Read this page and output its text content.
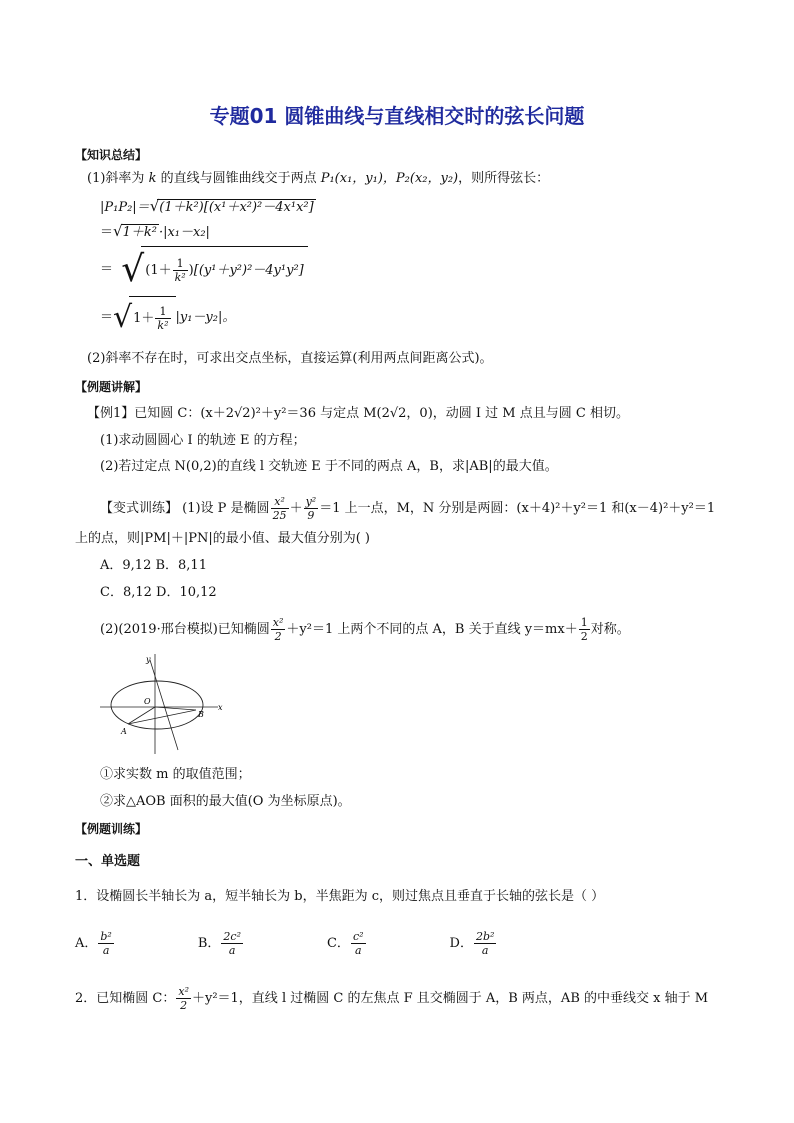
专题01 圆锥曲线与直线相交时的弦长问题
【知识总结】
(1)斜率为 k 的直线与圆锥曲线交于两点 P₁(x₁，y₁)，P₂(x₂，y₂)，则所得弦长：
|P₁P₂|＝√(1＋k²)[(x¹＋x²)²－4x¹x²]
＝√1＋k² ·|x₁－x₂|
＝ $√(1+ \frac{1}{\text{k²}} )[(y^1+y^2)^2-4y^1y^2]$
$=√1+ \frac{1}{\text{k²}} |y_1-y_2|$。
(2)斜率不存在时，可求出交点坐标，直接运算(利用两点间距离公式)。
【例题讲解】
【例1】已知圆 C：(x＋2√2)²＋y²＝36 与定点 M(2√2，0)，动圆 I 过 M 点且与圆 C 相切。
(1)求动圆圆心 I 的轨迹 E 的方程；
(2)若过定点 N(0,2)的直线 l 交轨迹 E 于不同的两点 A，B，求|AB|的最大值。
【变式训练】 (1)设 P 是椭圆 $\frac{\text{x²}}{25} + \frac{\text{y²}}{9} =1$ 上一点，M，N 分别是两圆：(x＋4)²＋y²＝1 和(x－4)²＋y²＝1
上的点，则|PM|＋|PN|的最小值、最大值分别为( )
A．9,12 B．8,11
C．8,12 D．10,12
(2)(2019·邢台模拟)已知椭圆 $\frac{\text{x²}}{2} +y^2=1$ 上两个不同的点 A，B 关于直线 $y=mx+ \frac{1}{2}$ 对称。
y
x
O
A
B
①求实数 m 的取值范围；
②求△AOB 面积的最大值(O 为坐标原点)。
【例题训练】
一、单选题
1．设椭圆长半轴长为 a，短半轴长为 b，半焦距为 c，则过焦点且垂直于长轴的弦长是（ ）
A． $\frac{\text{b²}}{a}$	B． $\frac{\text{2c²}}{a}$	C． $\frac{\text{c²}}{a}$	D． $\frac{\text{2b²}}{a}$
2．已知椭圆 C： $\frac{\text{x²}}{2} +y^2=1$，直线 l 过椭圆 C 的左焦点 F 且交椭圆于 A，B 两点，AB 的中垂线交 x 轴于 M
